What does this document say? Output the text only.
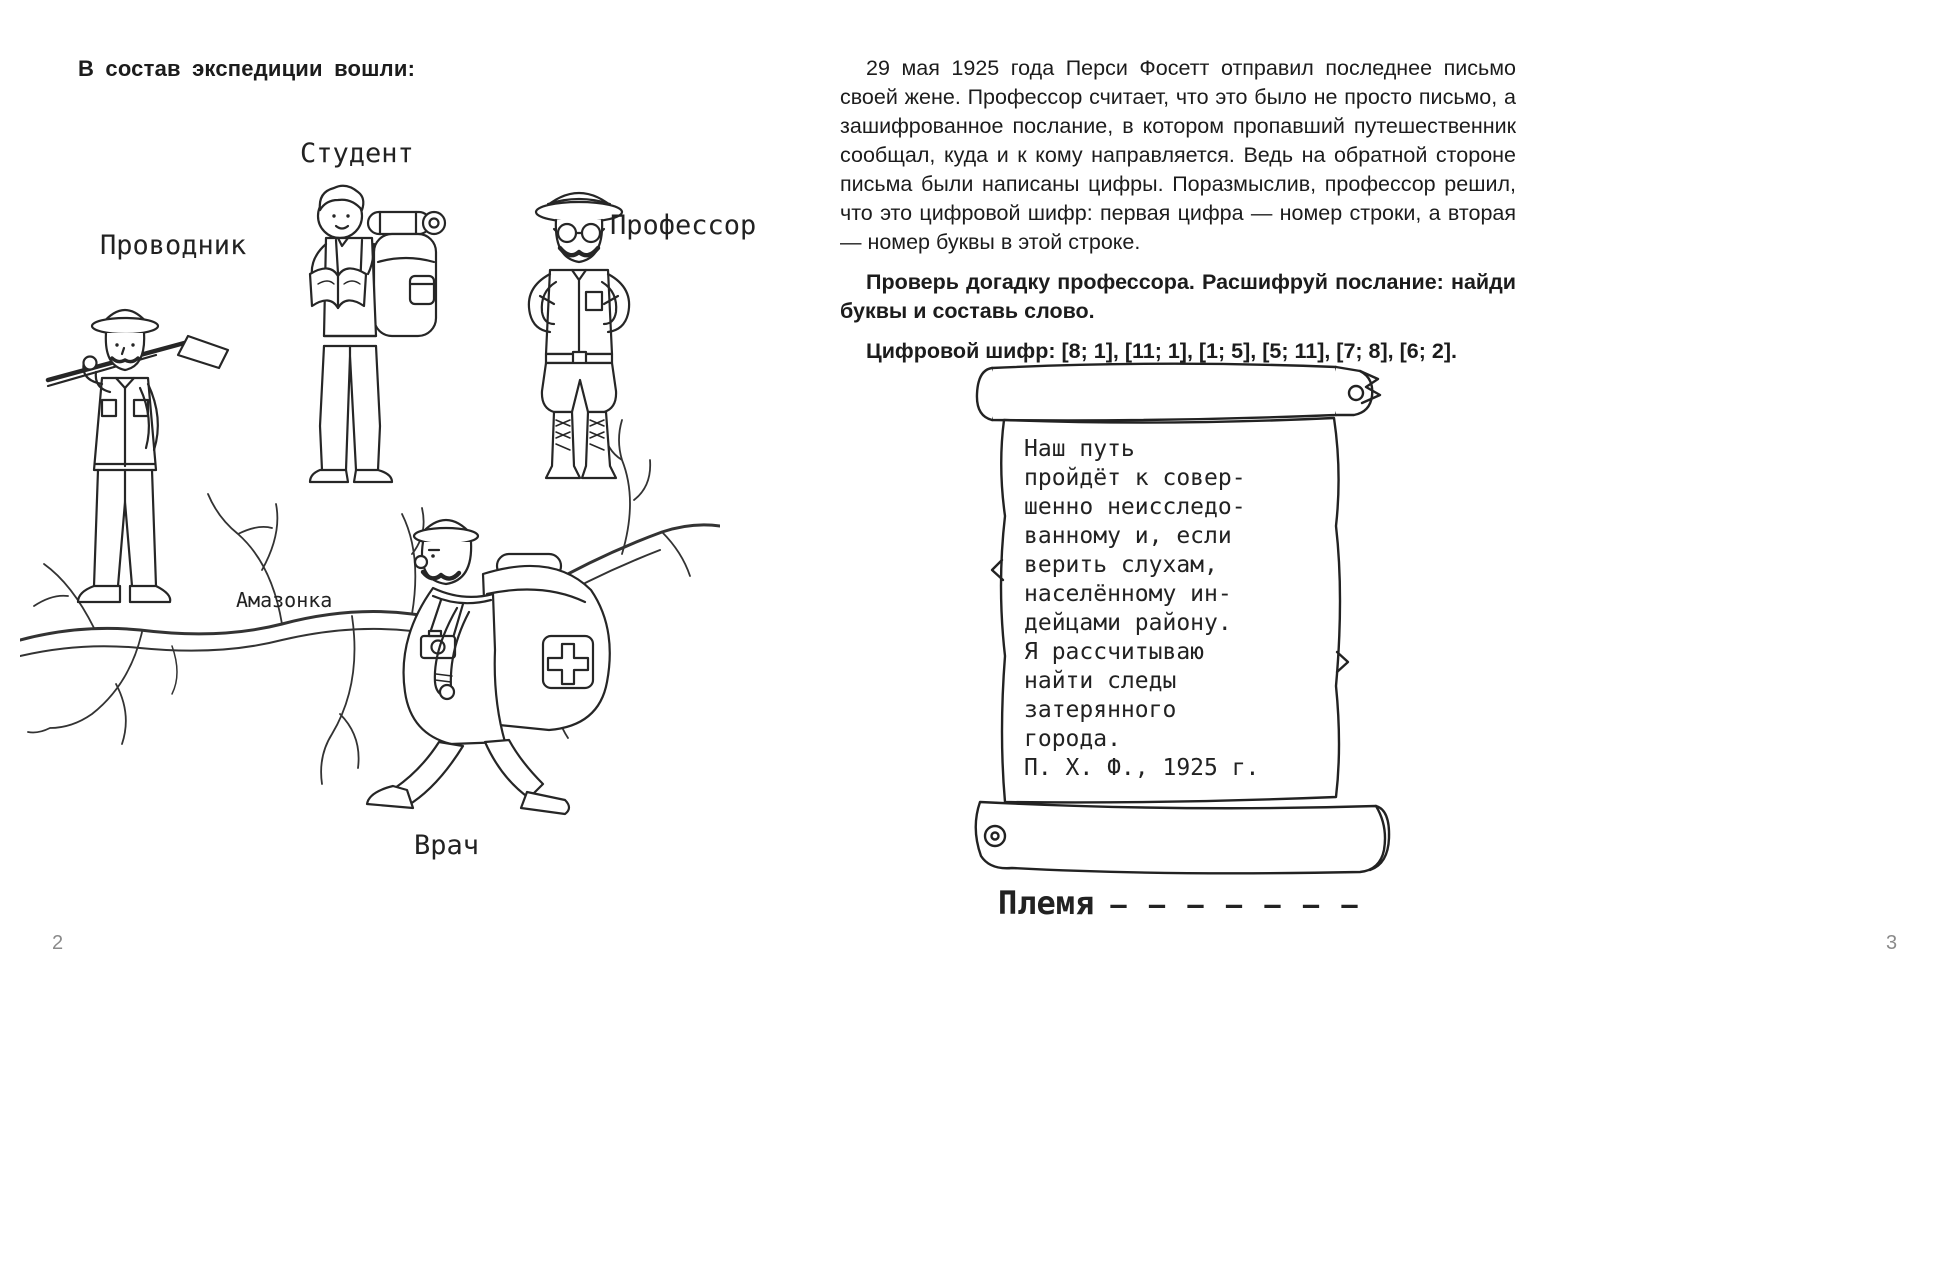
В состав экспедиции вошли:
Студент
Проводник
Профессор
Врач
Амазонка
2

29 мая 1925 года Перси Фосетт отправил последнее письмо своей жене. Профессор считает, что это было не просто письмо, а зашифрованное послание, в котором пропавший путешественник сообщал, куда и к кому направляется. Ведь на обратной стороне письма были написаны цифры. Поразмыслив, профессор решил, что это цифровой шифр: первая цифра — номер строки, а вторая — номер буквы в этой строке.

Проверь догадку профессора. Расшифруй послание: найди буквы и составь слово.

Цифровой шифр: [8; 1], [11; 1], [1; 5], [5; 11], [7; 8], [6; 2].

Наш путь
пройдёт к совер-
шенно неисследо-
ванному и, если
верить слухам,
населённому ин-
дейцами району.
Я рассчитываю
найти следы
затерянного
города.
П. Х. Ф., 1925 г.
Племя — — — — — — —
3
